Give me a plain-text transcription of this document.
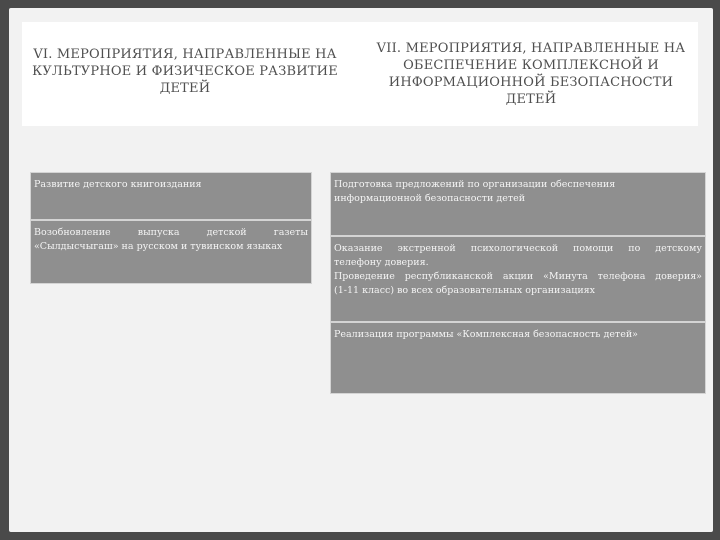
VI. МЕРОПРИЯТИЯ, НАПРАВЛЕННЫЕ НА КУЛЬТУРНОЕ И ФИЗИЧЕСКОЕ РАЗВИТИЕ ДЕТЕЙ
VII. МЕРОПРИЯТИЯ, НАПРАВЛЕННЫЕ НА ОБЕСПЕЧЕНИЕ КОМПЛЕКСНОЙ И ИНФОРМАЦИОННОЙ БЕЗОПАСНОСТИ ДЕТЕЙ
Развитие детского книгоиздания
Возобновление выпуска детской газеты
«Сылдысчыгаш» на русском и тувинском языках
Подготовка предложений по организации обеспечения
информационной безопасности детей
Оказание экстренной психологической помощи по детскому
телефону доверия.
Проведение республиканской акции «Минута телефона доверия»
(1-11 класс) во всех образовательных организациях
Реализация программы «Комплексная безопасность детей»
